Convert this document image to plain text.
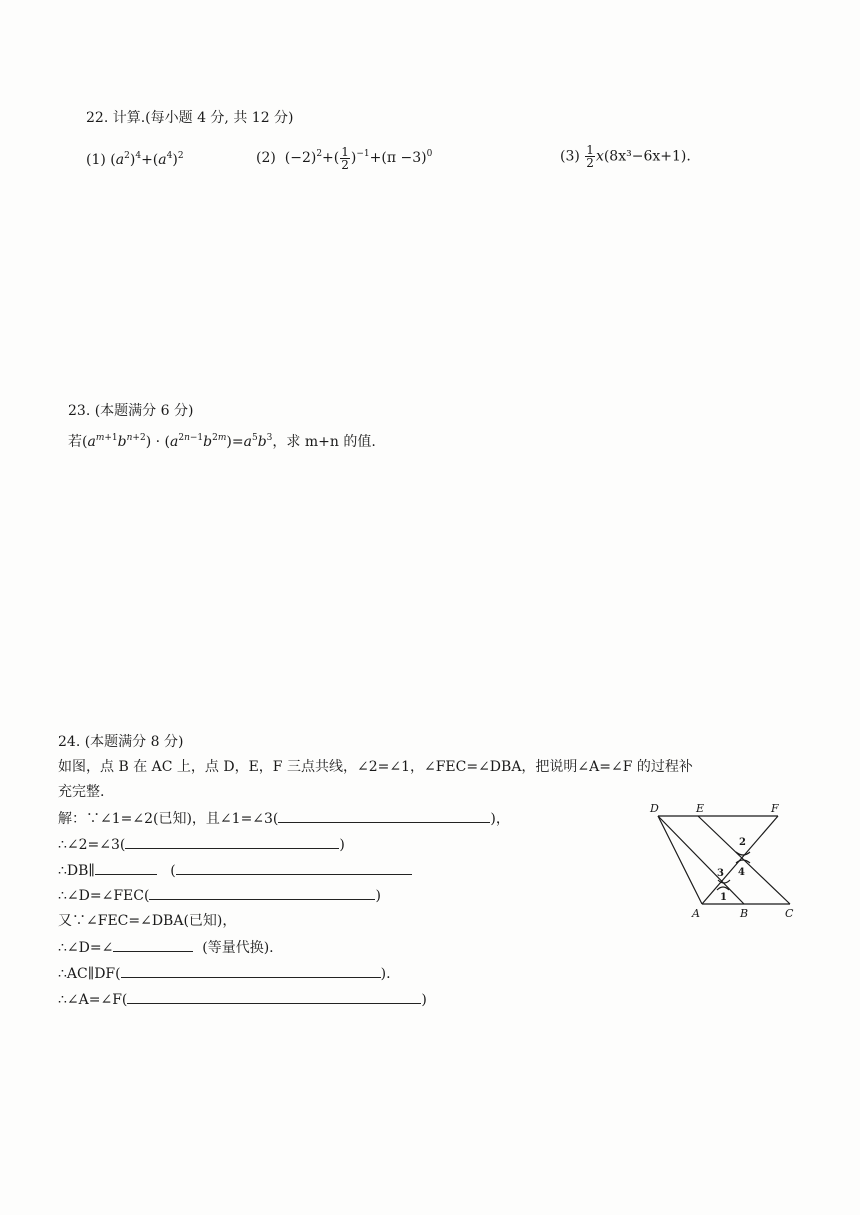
22. 计算.(每小题 4 分, 共 12 分)
(1) $(a^2)^4+(a^4)^2$	(2)  $(-2)^2+( \frac{1}{2} )^{-1}+(\pi -3)^0$	$(3) \frac{1}{2} x(8x^3-6x+1)$.
23. (本题满分 6 分)
若$(a^{m+1}b^{n+2}) \cdot (a^{2n-1}b^{2m})=a^5b^3$，求 m+n 的值.
24. (本题满分 8 分)
如图，点 B 在 AC 上，点 D，E，F 三点共线，∠2=∠1，∠FEC=∠DBA，把说明∠A=∠F 的过程补
充完整.
解：∵∠1=∠2(已知)，且∠1=∠3(	)，
∴∠2=∠3(	)
∴DB∥	(
∴∠D=∠FEC(	)
又∵∠FEC=∠DBA(已知)，
∴∠D=∠	(等量代换).
∴AC∥DF(	).
∴∠A=∠F(	)
D	E	F
A	B	C
2
4
3
1
